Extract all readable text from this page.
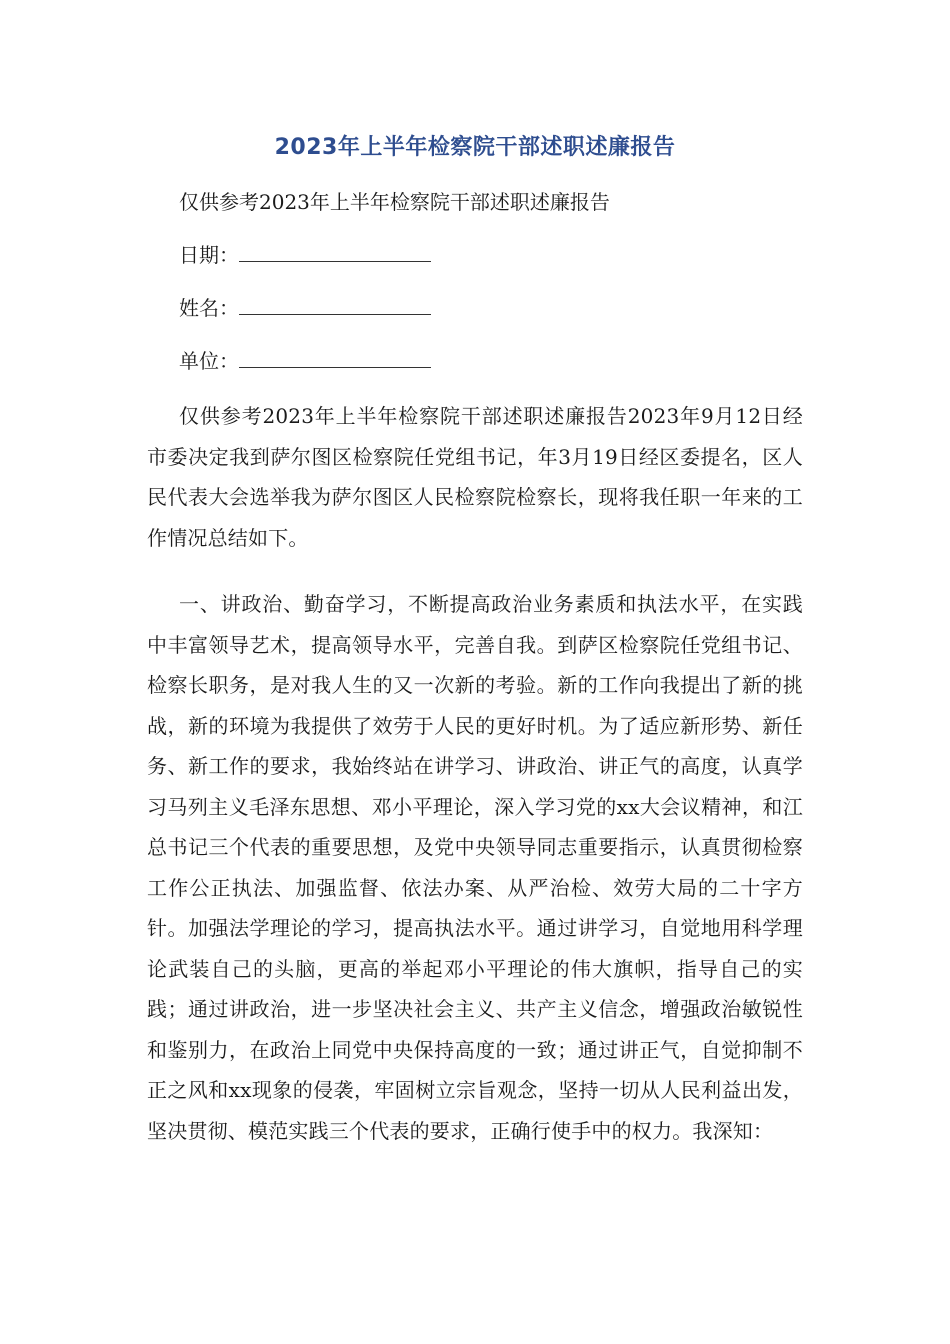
2023年上半年检察院干部述职述廉报告

仅供参考2023年上半年检察院干部述职述廉报告

日期：

姓名：

单位：

仅供参考2023年上半年检察院干部述职述廉报告2023年9月12日经市委决定我到萨尔图区检察院任党组书记，年3月19日经区委提名，区人民代表大会选举我为萨尔图区人民检察院检察长，现将我任职一年来的工作情况总结如下。

一、讲政治、勤奋学习，不断提高政治业务素质和执法水平，在实践中丰富领导艺术，提高领导水平，完善自我。到萨区检察院任党组书记、检察长职务，是对我人生的又一次新的考验。新的工作向我提出了新的挑战，新的环境为我提供了效劳于人民的更好时机。为了适应新形势、新任务、新工作的要求，我始终站在讲学习、讲政治、讲正气的高度，认真学习马列主义毛泽东思想、邓小平理论，深入学习党的xx大会议精神，和江总书记三个代表的重要思想，及党中央领导同志重要指示，认真贯彻检察工作公正执法、加强监督、依法办案、从严治检、效劳大局的二十字方针。加强法学理论的学习，提高执法水平。通过讲学习，自觉地用科学理论武装自己的头脑，更高的举起邓小平理论的伟大旗帜，指导自己的实践；通过讲政治，进一步坚决社会主义、共产主义信念，增强政治敏锐性和鉴别力，在政治上同党中央保持高度的一致；通过讲正气，自觉抑制不正之风和xx现象的侵袭，牢固树立宗旨观念，坚持一切从人民利益出发，坚决贯彻、模范实践三个代表的要求，正确行使手中的权力。我深知：
